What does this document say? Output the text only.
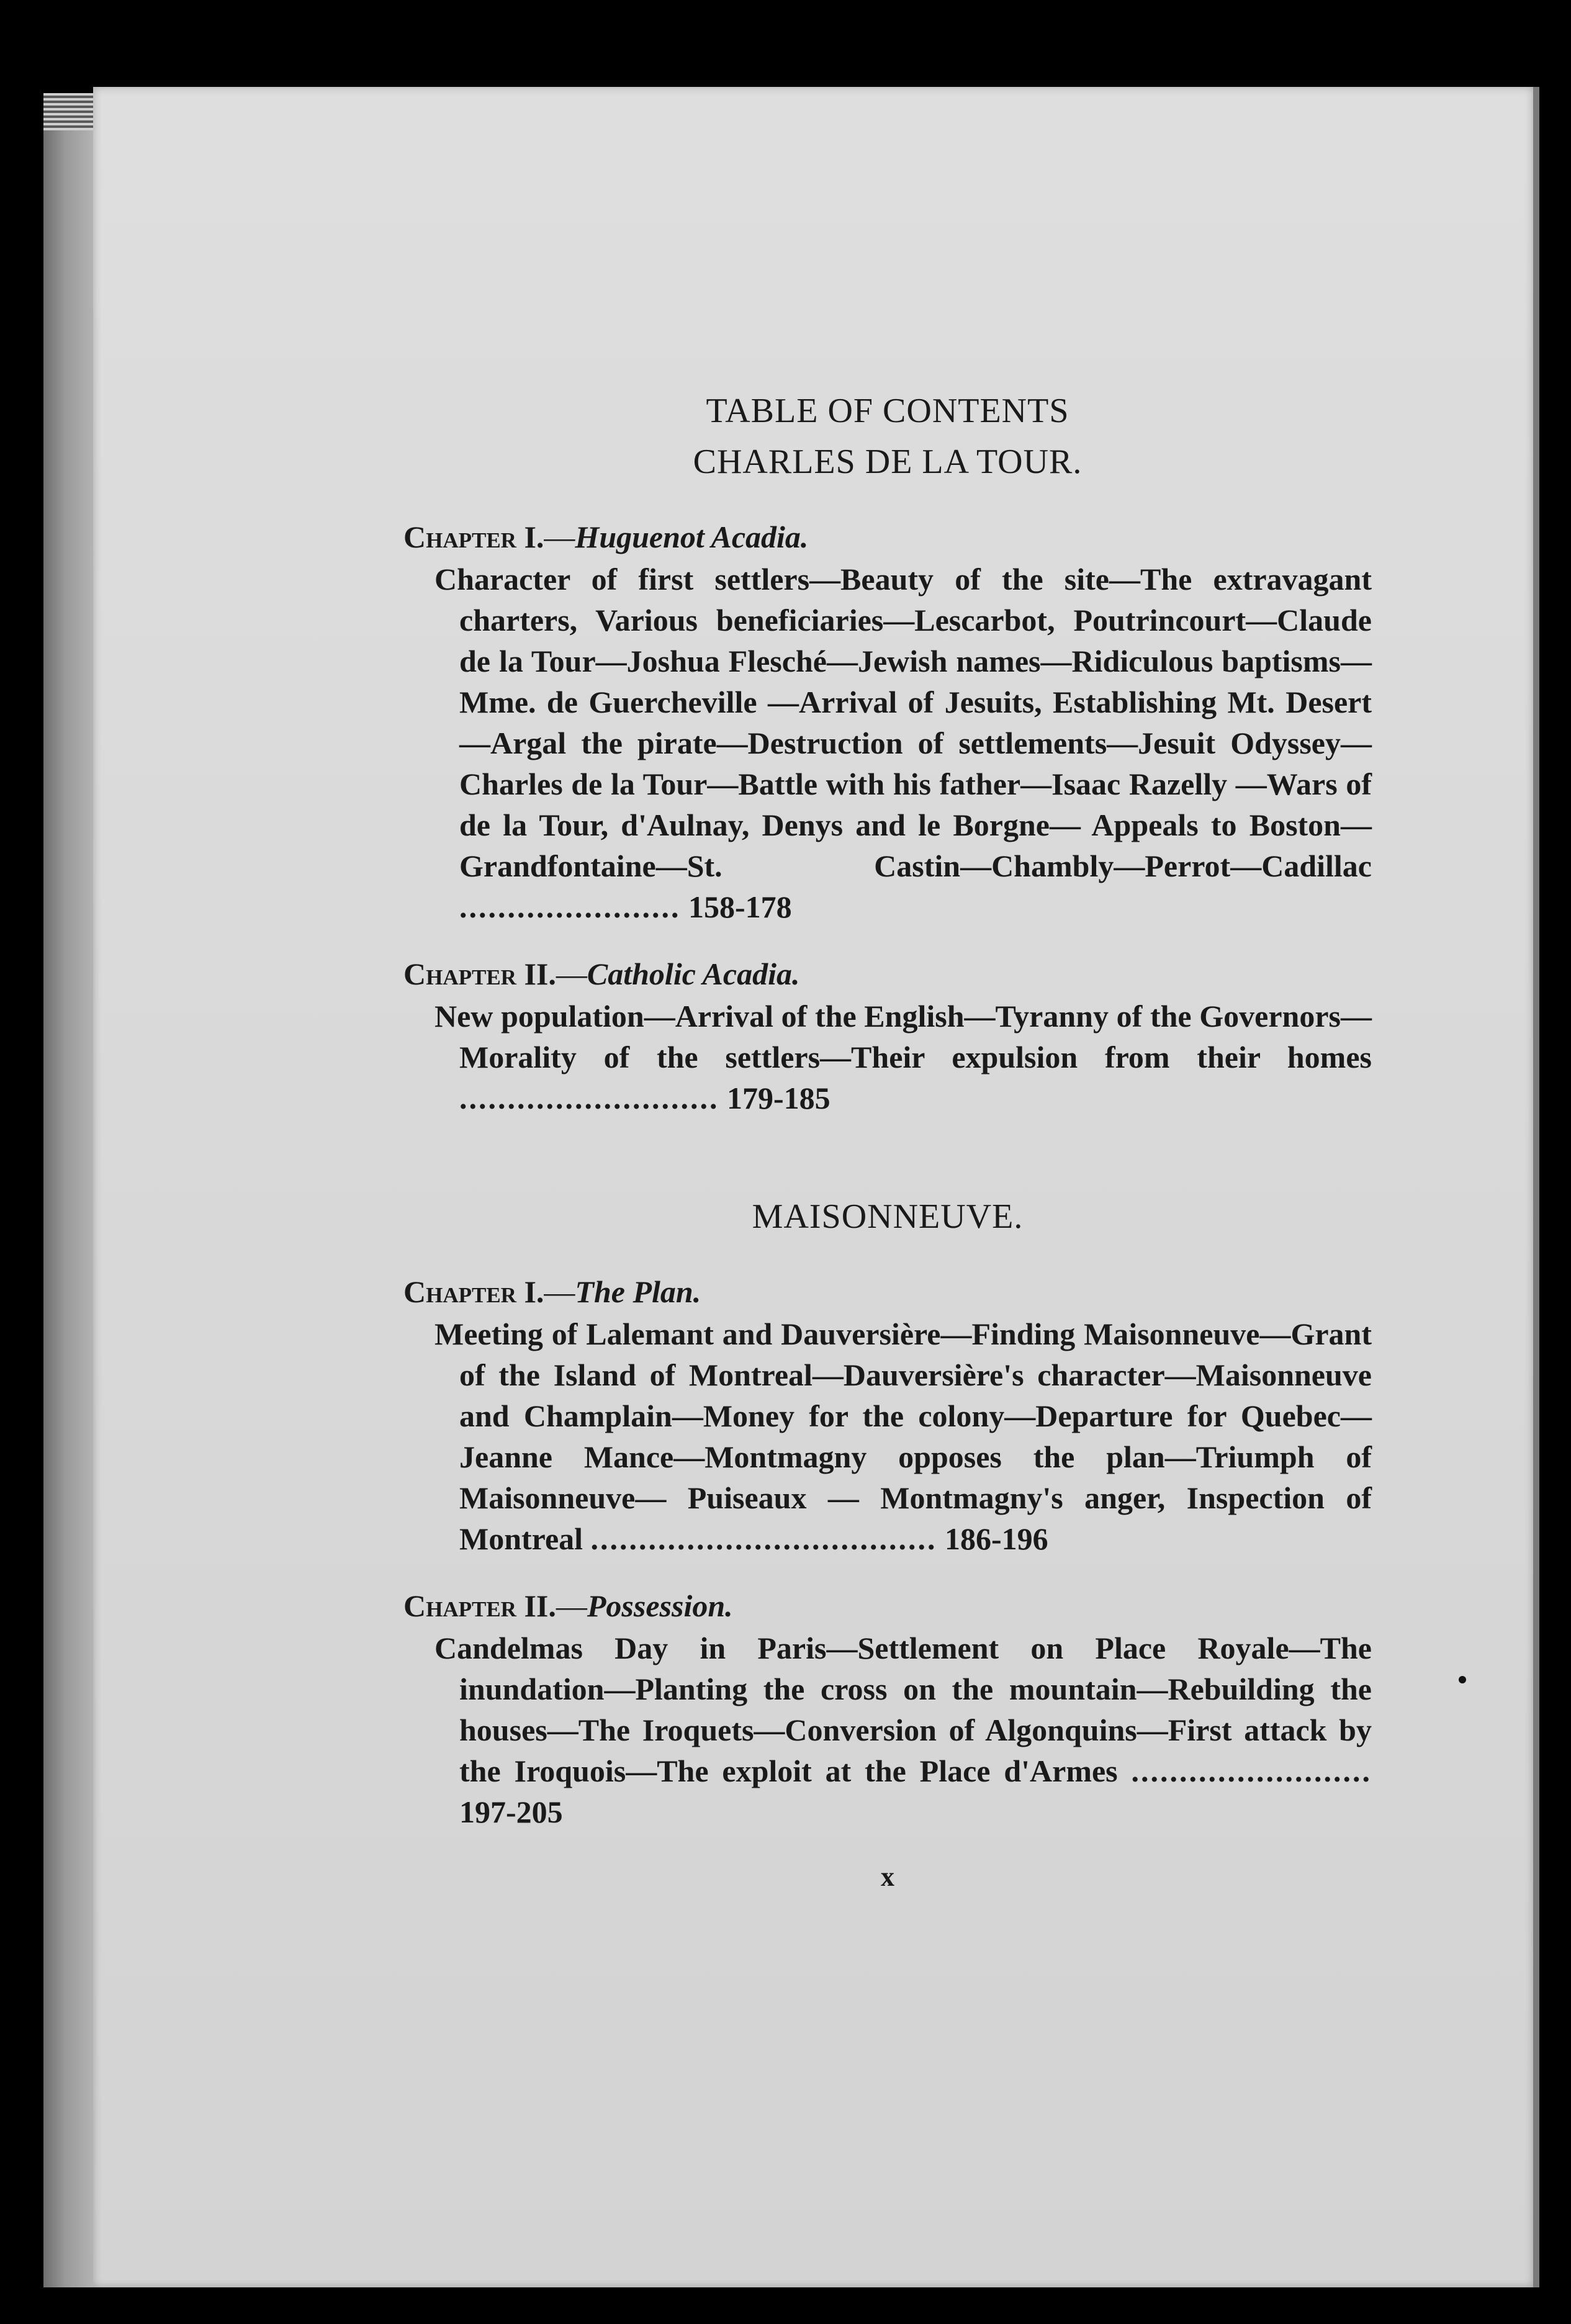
TABLE OF CONTENTS
CHARLES DE LA TOUR.
Chapter I.—Huguenot Acadia.
Character of first settlers—Beauty of the site—The extravagant charters, Various beneficiaries—Lescarbot, Poutrincourt—Claude de la Tour—Joshua Flesché—Jewish names—Ridiculous baptisms—Mme. de Guercheville —Arrival of Jesuits, Establishing Mt. Desert—Argal the pirate—Destruction of settlements—Jesuit Odyssey— Charles de la Tour—Battle with his father—Isaac Razelly —Wars of de la Tour, d'Aulnay, Denys and le Borgne— Appeals to Boston—Grandfontaine—St. Castin—Chambly—Perrot—Cadillac ....................... 158-178
Chapter II.—Catholic Acadia.
New population—Arrival of the English—Tyranny of the Governors—Morality of the settlers—Their expulsion from their homes ........................... 179-185
MAISONNEUVE.
Chapter I.—The Plan.
Meeting of Lalemant and Dauversière—Finding Maisonneuve—Grant of the Island of Montreal—Dauversière's character—Maisonneuve and Champlain—Money for the colony—Departure for Quebec—Jeanne Mance—Montmagny opposes the plan—Triumph of Maisonneuve— Puiseaux — Montmagny's anger, Inspection of Montreal .................................... 186-196
Chapter II.—Possession.
Candelmas Day in Paris—Settlement on Place Royale—The inundation—Planting the cross on the mountain—Rebuilding the houses—The Iroquets—Conversion of Algonquins—First attack by the Iroquois—The exploit at the Place d'Armes ......................... 197-205
x
